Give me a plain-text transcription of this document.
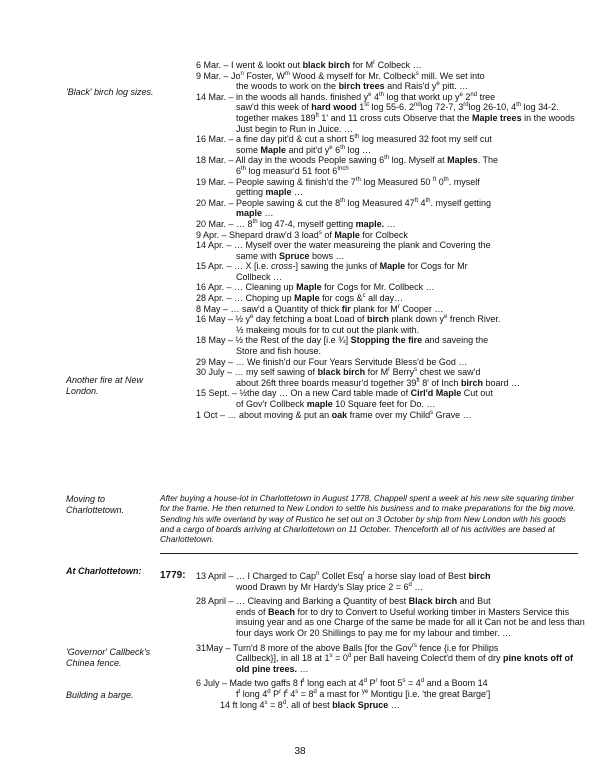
'Black' birch log sizes.
Another fire at New London.
Moving to Charlottetown.

6 Mar. – I went & lookt out black birch for $M^r$ Colbeck …

9 Mar. – Jo$^n$ Foster, $W^m$ Wood & myself for Mr. Colbeck$^s$ mill. We set into
the woods to work on the birch trees and Rais'd $y^e$ pitt. …

14 Mar. – in the woods all hands. finished $y^e$ 4th log that workt up $y^e$ 2nd tree
saw'd this week of hard wood 1st log 55-6. 2ndlog 72-7, 3rdlog 26-10, 4th log 34-2. together makes $189^{ft}$ 1' and 11 cross cuts Observe that the Maple trees in the woods Just begin to Run in Juice. …

16 Mar. – a fine day pit'd & cut a short 5th log measured 32 foot my self cut
some Maple and pit'd $y^e$ 6th log …

18 Mar. – All day in the woods People sawing 6th log. Myself at Maples. The
6th log measur'd 51 foot $6^{Inch}$

19 Mar. – People sawing & finish'd the 7th log Measured 50 $^{ft}$ 0th. myself
getting maple …

20 Mar. – People sawing & cut the 8th log Measured $47^{ft}$ 4th. myself getting
maple …

20 Mar. – … 8th log 47-4, myself getting maple. …

9 Apr. – Shepard draw'd 3 load$^s$ of Maple for Colbeck

14 Apr. – … Myself over the water measureing the plank and Covering the
same with Spruce bows …

15 Apr. – … X [i.e. cross-] sawing the junks of Maple for Cogs for Mr
Collbeck …

16 Apr. – … Cleaning up Maple for Cogs for Mr. Collbeck …

28 Apr. – … Choping up Maple for cogs &$^c$ all day…

8 May – … saw'd a Quantity of thick fir plank for $M^r$ Cooper …

16 May – ½ $y^e$ day fetching a boat Load of birch plank down $y^e$ french River.
½ makeing mouls for to cut out the plank with.

18 May – ½ the Rest of the day [i.e ¾] Stopping the fire and saveing the
Store and fish house.

29 May – … We finish'd our Four Years Servitude Bless'd be God …

30 July – … my self sawing of black birch for $M^r$ Berry$^s$ chest we saw'd
about 26ft three boards measur'd together $39^{ft}$ 8' of Inch birch board …

15 Sept. – ½the day … On a new Card table made of Cirl'd Maple Cut out
of Gov'r Collbeck maple 10 Square feet for Do. …

1 Oct – … about moving & put an oak frame over my Child$^s$ Grave …

After buying a house-lot in Charlottetown in August 1778, Chappell spent a week at his new site squaring timber for the frame. He then returned to New London to settle his business and to make preparations for the big move. Sending his wife overland by way of Rustico he set out on 3 October by ship from New London with his goods and a cargo of boards arriving at Charlottetown on 11 October. Thenceforth all of his activities are based at Charlottetown.
At Charlottetown:
'Governor' Callbeck's Chinea fence.
Building a barge.
1779: 13 April – … I Charged to Cap$^n$ Collet Esq$^r$ a horse slay load of Best birch
wood Drawn by Mr Hardy's Slay price $2 = 6^d$ …

28 April – … Cleaving and Barking a Quantity of best Black birch and But
ends of Beach for to dry to Convert to Useful working timber in Masters Service this insuing year and as one Charge of the same be made for all it Can not be and less than four days work Or 20 Shillings to pay me for my labour and timber. …

31May – Turn'd 8 more of the above Balls [for the Gov$^{rs}$ fence {i.e for Philips
Callbeck}], in all 18 at $1^s = 0^d$ per Ball haveing Colect'd them of dry pine knots off of old pine trees. …

6 July – Made two gaffs 8 $f^t$ long each at 4$^d$ $P^r$ foot $5^s = 4^d$ and a Boom 14
$f^t$ long 4$^d$ $P^r$ $f^t$ $4^s = 8^d$ a mast for $^{ye}$ Montigu [i.e. 'the great Barge']
14 ft long $4^s = 8^d$. all of best black Spruce …

38
